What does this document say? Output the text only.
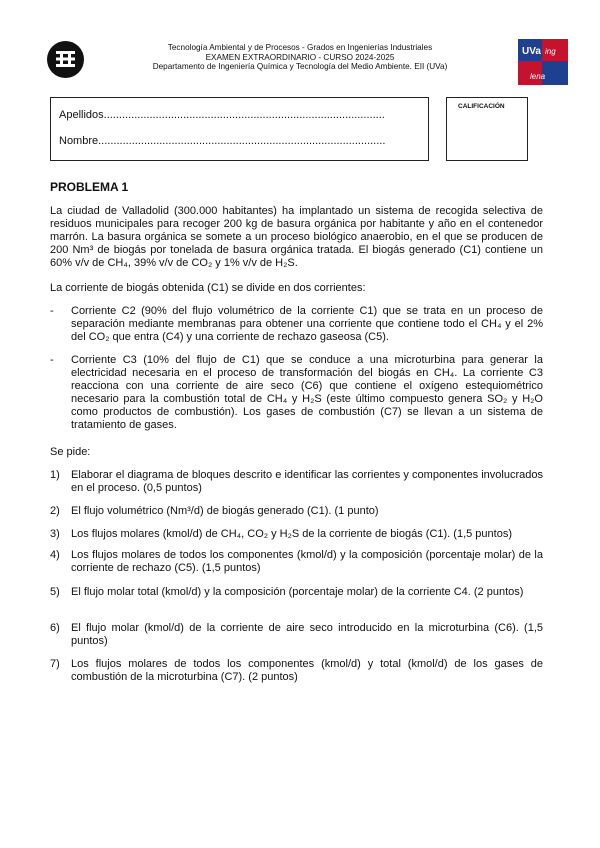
Tecnología Ambiental y de Procesos - Grados en Ingenierías Industriales
EXAMEN EXTRAORDINARIO - CURSO 2024-2025
Departamento de Ingeniería Química y Tecnología del Medio Ambiente. EII (UVa)
UVa ing
lena
Apellidos............................................................................................
Nombre..............................................................................................
CALIFICACIÓN
PROBLEMA 1
La ciudad de Valladolid (300.000 habitantes) ha implantado un sistema de recogida selectiva de residuos municipales para recoger 200 kg de basura orgánica por habitante y año en el contenedor marrón. La basura orgánica se somete a un proceso biológico anaerobio, en el que se producen de 200 Nm³ de biogás por tonelada de basura orgánica tratada. El biogás generado (C1) contiene un 60% v/v de CH₄, 39% v/v de CO₂ y 1% v/v de H₂S.
La corriente de biogás obtenida (C1) se divide en dos corrientes:
- Corriente C2 (90% del flujo volumétrico de la corriente C1) que se trata en un proceso de separación mediante membranas para obtener una corriente que contiene todo el CH₄ y el 2% del CO₂ que entra (C4) y una corriente de rechazo gaseosa (C5).
- Corriente C3 (10% del flujo de C1) que se conduce a una microturbina para generar la electricidad necesaria en el proceso de transformación del biogás en CH₄. La corriente C3 reacciona con una corriente de aire seco (C6) que contiene el oxígeno estequiométrico necesario para la combustión total de CH₄ y H₂S (este último compuesto genera SO₂ y H₂O como productos de combustión). Los gases de combustión (C7) se llevan a un sistema de tratamiento de gases.
Se pide:
1) Elaborar el diagrama de bloques descrito e identificar las corrientes y componentes involucrados en el proceso. (0,5 puntos)
2) El flujo volumétrico (Nm³/d) de biogás generado (C1). (1 punto)
3) Los flujos molares (kmol/d) de CH₄, CO₂ y H₂S de la corriente de biogás (C1). (1,5 puntos)
4) Los flujos molares de todos los componentes (kmol/d) y la composición (porcentaje molar) de la corriente de rechazo (C5). (1,5 puntos)
5) El flujo molar total (kmol/d) y la composición (porcentaje molar) de la corriente C4. (2 puntos)
6) El flujo molar (kmol/d) de la corriente de aire seco introducido en la microturbina (C6). (1,5 puntos)
7) Los flujos molares de todos los componentes (kmol/d) y total (kmol/d) de los gases de combustión de la microturbina (C7). (2 puntos)
